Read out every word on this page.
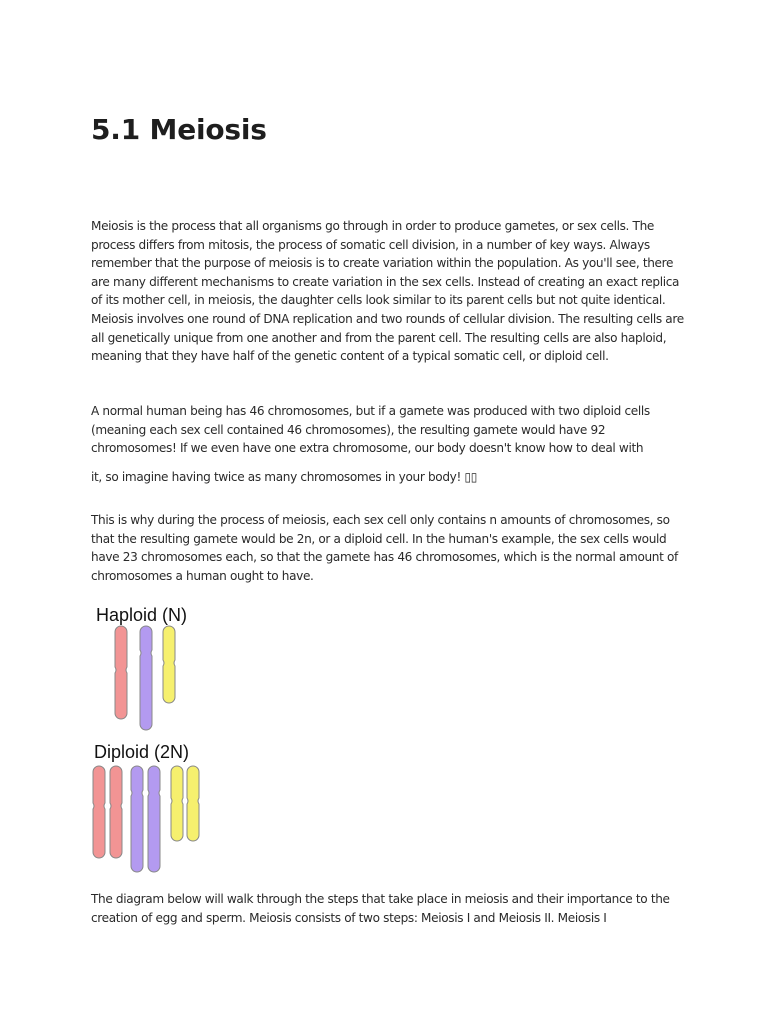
5.1 Meiosis

Meiosis is the process that all organisms go through in order to produce gametes, or sex cells. The process differs from mitosis, the process of somatic cell division, in a number of key ways. Always remember that the purpose of meiosis is to create variation within the population. As you'll see, there are many different mechanisms to create variation in the sex cells. Instead of creating an exact replica of its mother cell, in meiosis, the daughter cells look similar to its parent cells but not quite identical. Meiosis involves one round of DNA replication and two rounds of cellular division. The resulting cells are all genetically unique from one another and from the parent cell. The resulting cells are also haploid, meaning that they have half of the genetic content of a typical somatic cell, or diploid cell.

A normal human being has 46 chromosomes, but if a gamete was produced with two diploid cells (meaning each sex cell contained 46 chromosomes), the resulting gamete would have 92 chromosomes! If we even have one extra chromosome, our body doesn't know how to deal with
it, so imagine having twice as many chromosomes in your body! ▯▯

This is why during the process of meiosis, each sex cell only contains n amounts of chromosomes, so that the resulting gamete would be 2n, or a diploid cell. In the human's example, the sex cells would have 23 chromosomes each, so that the gamete has 46 chromosomes, which is the normal amount of chromosomes a human ought to have.

The diagram below will walk through the steps that take place in meiosis and their importance to the creation of egg and sperm. Meiosis consists of two steps: Meiosis I and Meiosis II. Meiosis I

Haploid (N)
Diploid (2N)
